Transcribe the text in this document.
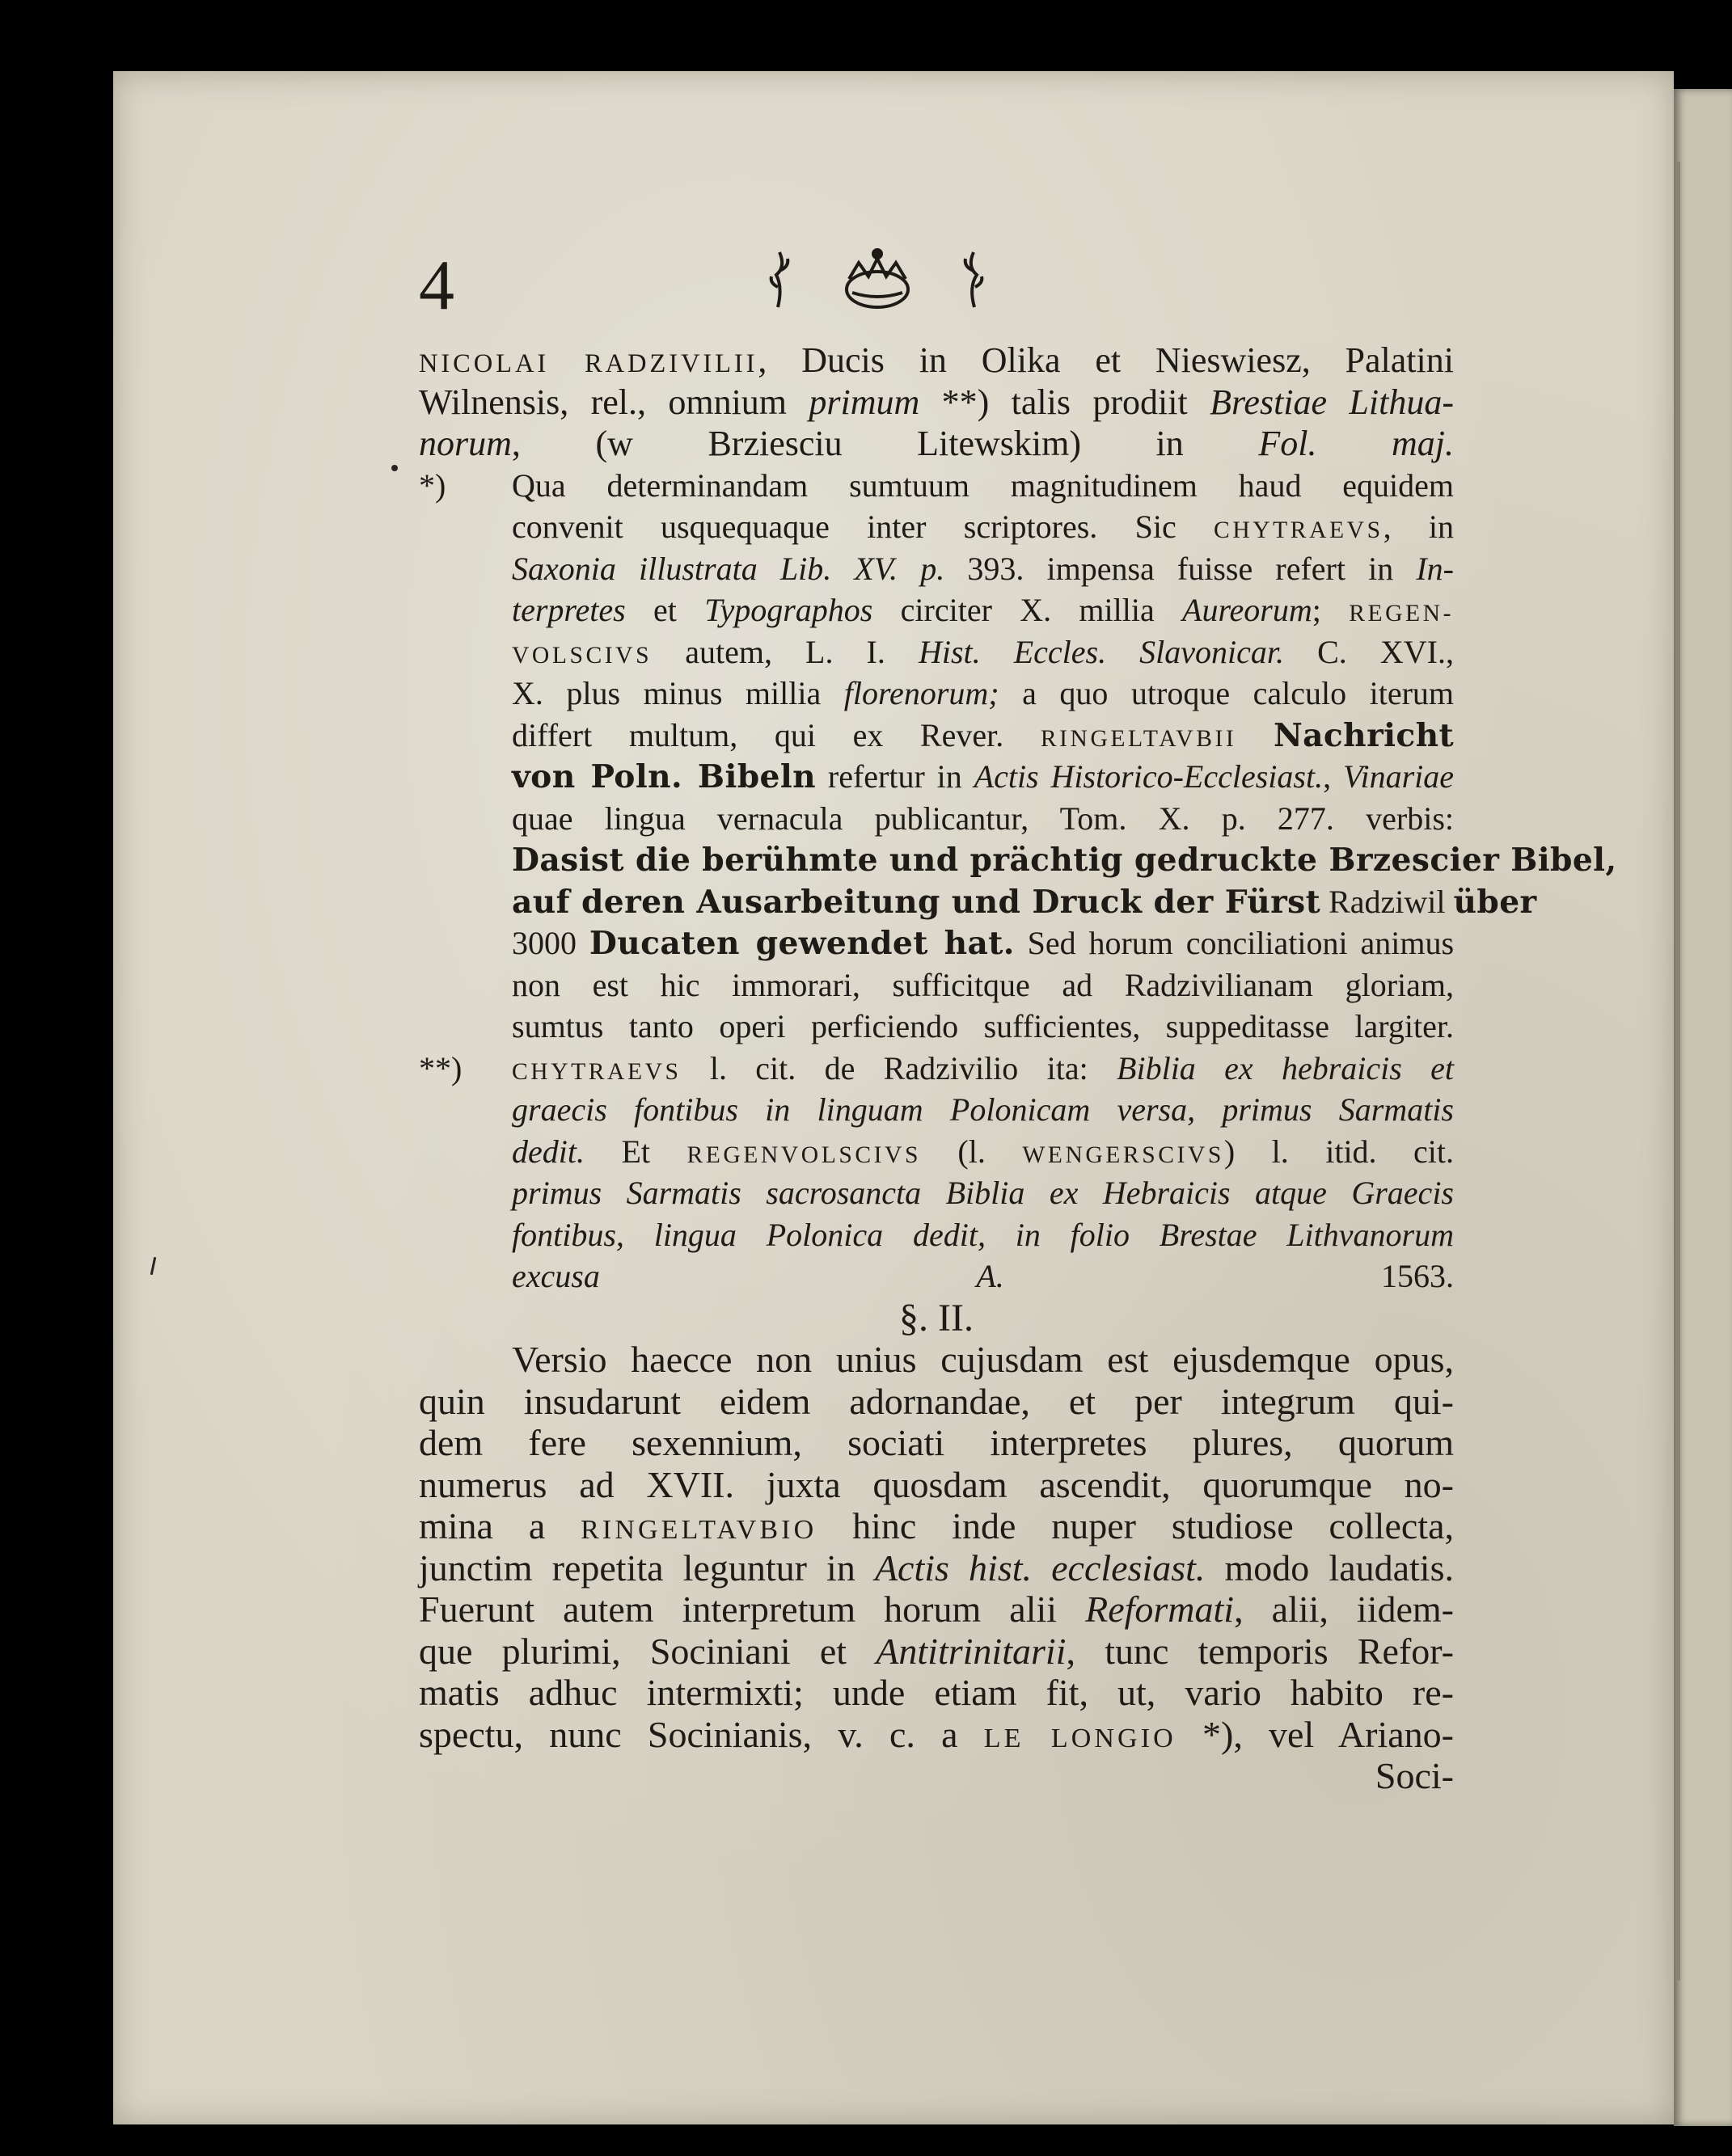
4
NICOLAI RADZIVILII, Ducis in Olika et Nieswiesz, Palatini
Wilnensis, rel., omnium primum **) talis prodiit Brestiae Lithua-
norum, (w Brziesciu Litewskim) in Fol. maj.
*) Qua determinandam sumtuum magnitudinem haud equidem
convenit usquequaque inter scriptores. Sic CHYTRAEVS, in
Saxonia illustrata Lib. XV. p. 393. impensa fuisse refert in In-
terpretes et Typographos circiter X. millia Aureorum; REGEN-
VOLSCIVS autem, L. I. Hist. Eccles. Slavonicar. C. XVI.,
X. plus minus millia florenorum; a quo utroque calculo iterum
differt multum, qui ex Rever. RINGELTAVBII Nachricht
von Poln. Bibeln refertur in Actis Historico-Ecclesiast., Vinariae
quae lingua vernacula publicantur, Tom. X. p. 277. verbis:
Dasist die berühmte und prächtig gedruckte Brzescier Bibel,
auf deren Ausarbeitung und Druck der Fürst Radziwil über
3000 Ducaten gewendet hat. Sed horum conciliationi animus
non est hic immorari, sufficitque ad Radzivilianam gloriam,
sumtus tanto operi perficiendo sufficientes, suppeditasse largiter.
**) CHYTRAEVS l. cit. de Radzivilio ita: Biblia ex hebraicis et
graecis fontibus in linguam Polonicam versa, primus Sarmatis
dedit. Et REGENVOLSCIVS (l. WENGERSCIVS) l. itid. cit.
primus Sarmatis sacrosancta Biblia ex Hebraicis atque Graecis
fontibus, lingua Polonica dedit, in folio Brestae Lithvanorum
excusa A. 1563.
§. II.
Versio haecce non unius cujusdam est ejusdemque opus,
quin insudarunt eidem adornandae, et per integrum qui-
dem fere sexennium, sociati interpretes plures, quorum
numerus ad XVII. juxta quosdam ascendit, quorumque no-
mina a RINGELTAVBIO hinc inde nuper studiose collecta,
junctim repetita leguntur in Actis hist. ecclesiast. modo laudatis.
Fuerunt autem interpretum horum alii Reformati, alii, iidem-
que plurimi, Sociniani et Antitrinitarii, tunc temporis Refor-
matis adhuc intermixti; unde etiam fit, ut, vario habito re-
spectu, nunc Socinianis, v. c. a LE LONGIO *), vel Ariano-
Soci-
